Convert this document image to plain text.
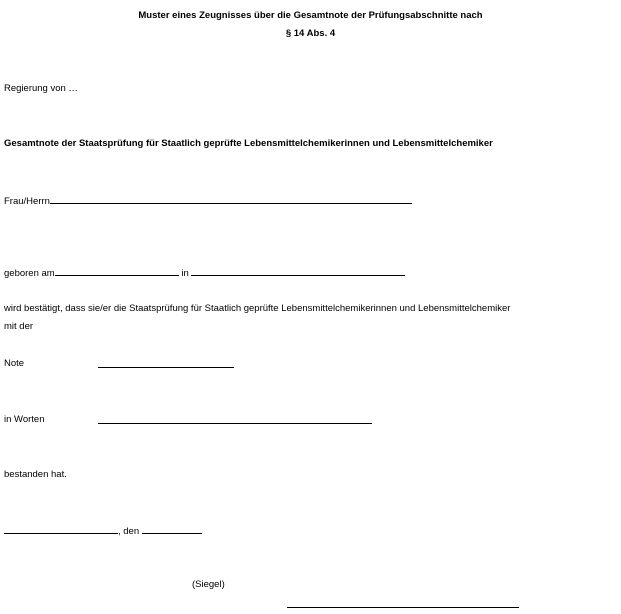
Muster eines Zeugnisses über die Gesamtnote der Prüfungsabschnitte nach
§ 14 Abs. 4
Regierung von …
Gesamtnote der Staatsprüfung für Staatlich geprüfte Lebensmittelchemikerinnen und Lebensmittelchemiker
Frau/Herrn
geboren am	in
wird bestätigt, dass sie/er die Staatsprüfung für Staatlich geprüfte Lebensmittelchemikerinnen und Lebensmittelchemiker
mit der
Note
in Worten
bestanden hat.
, den
(Siegel)
